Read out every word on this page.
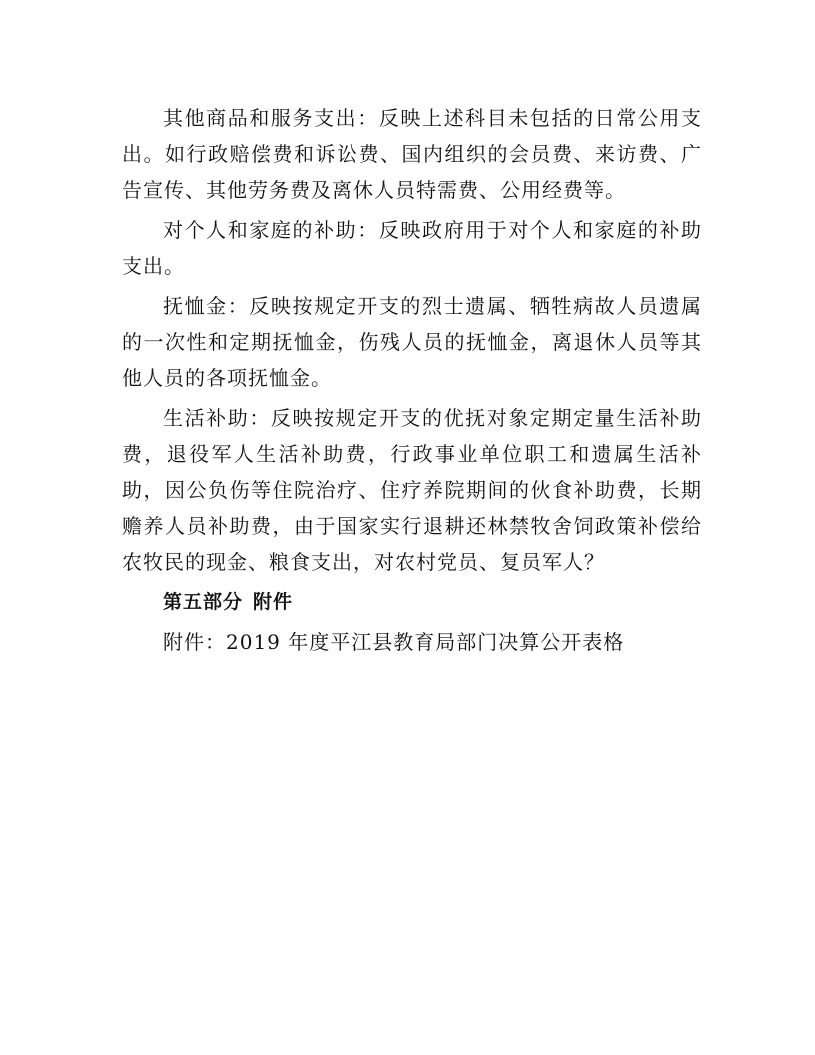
其他商品和服务支出：反映上述科目未包括的日常公用支出。如行政赔偿费和诉讼费、国内组织的会员费、来访费、广告宣传、其他劳务费及离休人员特需费、公用经费等。

对个人和家庭的补助：反映政府用于对个人和家庭的补助支出。

抚恤金：反映按规定开支的烈士遗属、牺牲病故人员遗属的一次性和定期抚恤金，伤残人员的抚恤金，离退休人员等其他人员的各项抚恤金。

生活补助：反映按规定开支的优抚对象定期定量生活补助费，退役军人生活补助费，行政事业单位职工和遗属生活补助，因公负伤等住院治疗、住疗养院期间的伙食补助费，长期赡养人员补助费，由于国家实行退耕还林禁牧舍饲政策补偿给农牧民的现金、粮食支出，对农村党员、复员军人？

第五部分 附件

附件：2019 年度平江县教育局部门决算公开表格
